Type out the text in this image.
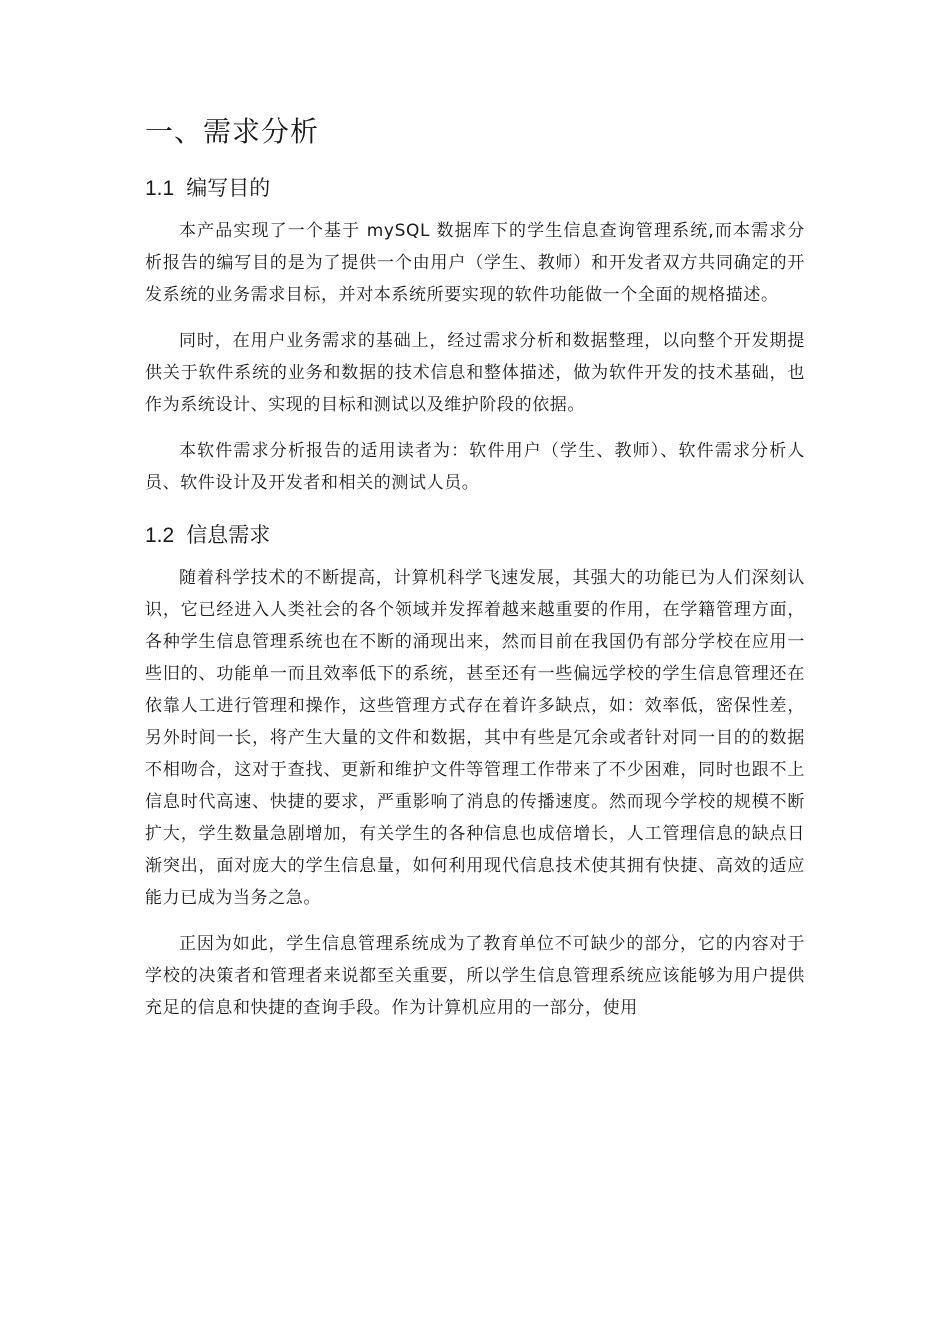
一、需求分析
1.1 编写目的

本产品实现了一个基于 mySQL 数据库下的学生信息查询管理系统,而本需求分析报告的编写目的是为了提供一个由用户（学生、教师）和开发者双方共同确定的开发系统的业务需求目标，并对本系统所要实现的软件功能做一个全面的规格描述。

同时，在用户业务需求的基础上，经过需求分析和数据整理，以向整个开发期提供关于软件系统的业务和数据的技术信息和整体描述，做为软件开发的技术基础，也作为系统设计、实现的目标和测试以及维护阶段的依据。

本软件需求分析报告的适用读者为：软件用户（学生、教师）、软件需求分析人员、软件设计及开发者和相关的测试人员。

1.2 信息需求

随着科学技术的不断提高，计算机科学飞速发展，其强大的功能已为人们深刻认识，它已经进入人类社会的各个领域并发挥着越来越重要的作用，在学籍管理方面，各种学生信息管理系统也在不断的涌现出来，然而目前在我国仍有部分学校在应用一些旧的、功能单一而且效率低下的系统，甚至还有一些偏远学校的学生信息管理还在依靠人工进行管理和操作，这些管理方式存在着许多缺点，如：效率低，密保性差，另外时间一长，将产生大量的文件和数据，其中有些是冗余或者针对同一目的的数据不相吻合，这对于查找、更新和维护文件等管理工作带来了不少困难，同时也跟不上信息时代高速、快捷的要求，严重影响了消息的传播速度。然而现今学校的规模不断扩大，学生数量急剧增加，有关学生的各种信息也成倍增长，人工管理信息的缺点日渐突出，面对庞大的学生信息量，如何利用现代信息技术使其拥有快捷、高效的适应能力已成为当务之急。

正因为如此，学生信息管理系统成为了教育单位不可缺少的部分，它的内容对于学校的决策者和管理者来说都至关重要，所以学生信息管理系统应该能够为用户提供充足的信息和快捷的查询手段。作为计算机应用的一部分，使用
